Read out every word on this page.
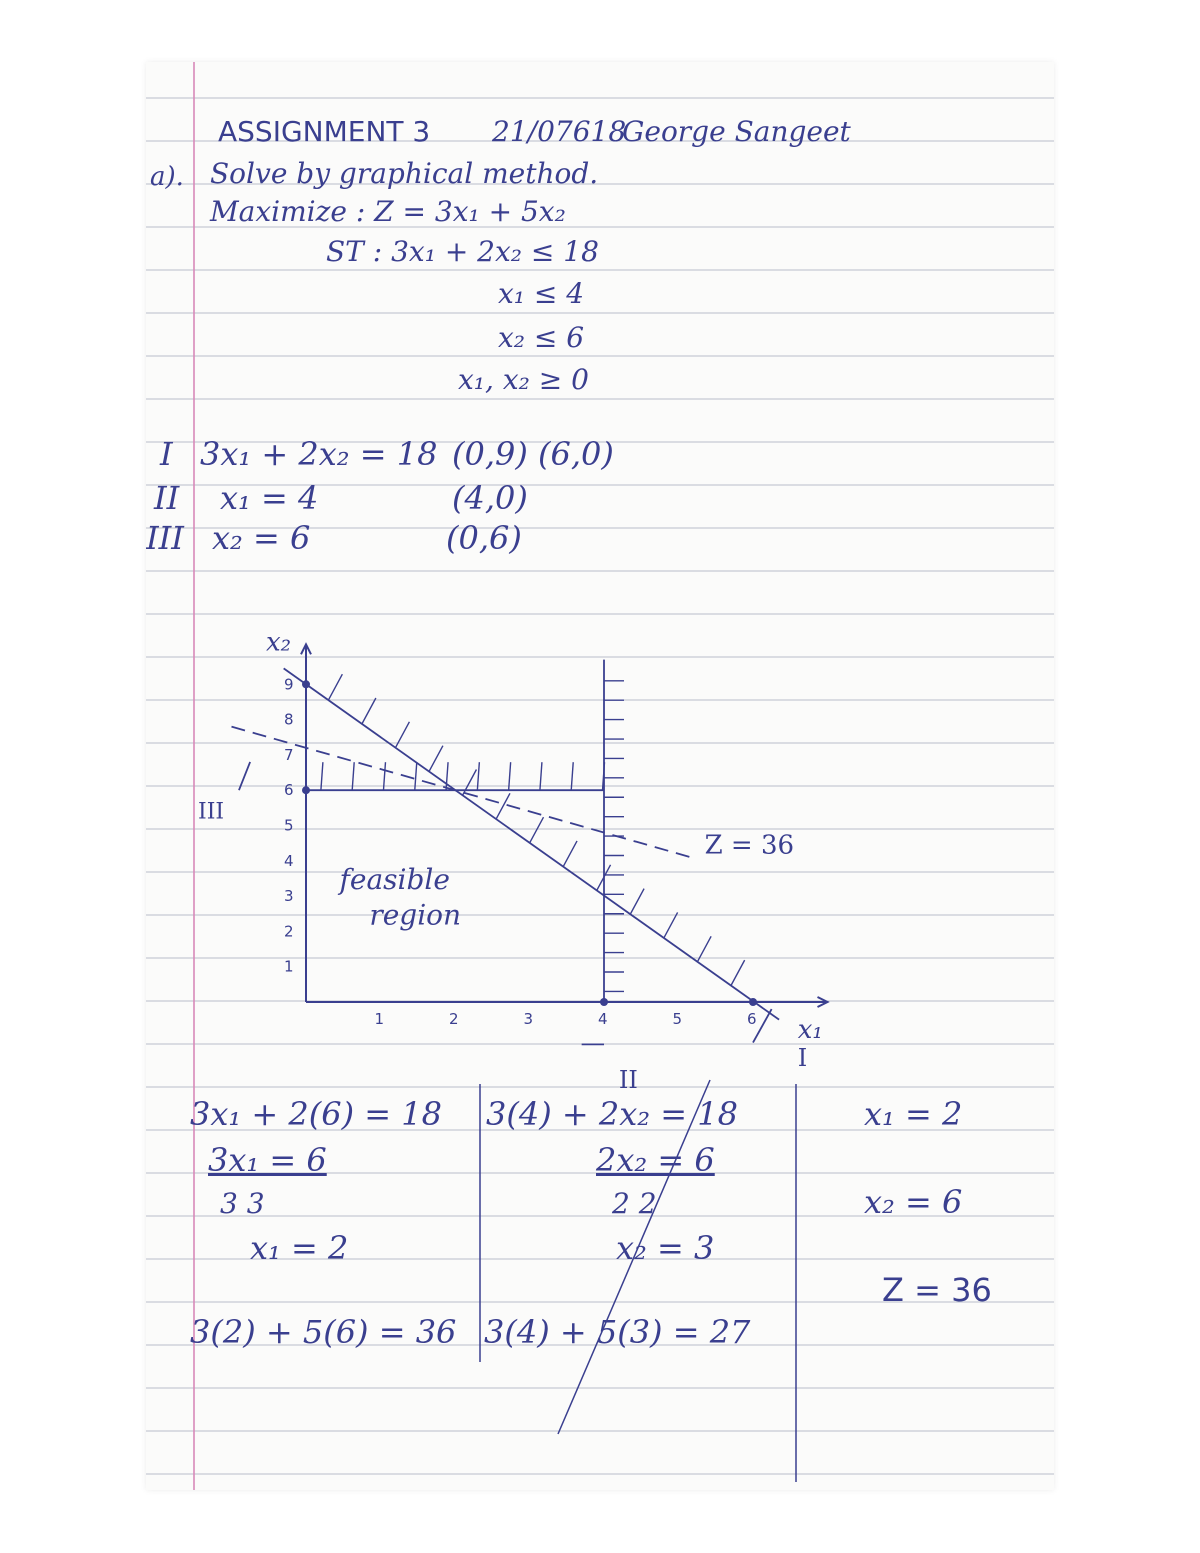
ASSIGNMENT 3 21/07618
George Sangeet
a). Solve by graphical method.
Maximize : Z = 3x₁ + 5x₂
ST : 3x₁ + 2x₂ ≤ 18
x₁ ≤ 4
x₂ ≤ 6
x₁, x₂ ≥ 0
I 3x₁ + 2x₂ = 18 (0,9) (6,0)
II x₁ = 4	(4,0)
III x₂ = 6	(0,6)
1	2	3	4	5	6
1
2
3
4
5
6
7
8
9
x₂
x₁
feasible
region
Z = 36
I
II
III
3x₁ + 2(6) = 18
3x₁ = 6
3 3
x₁ = 2
3(2) + 5(6) = 36
3(4) + 2x₂ = 18
2x₂ = 6
2 2
x₂ = 3
3(4) + 5(3) = 27
x₁ = 2
x₂ = 6
Z = 36
